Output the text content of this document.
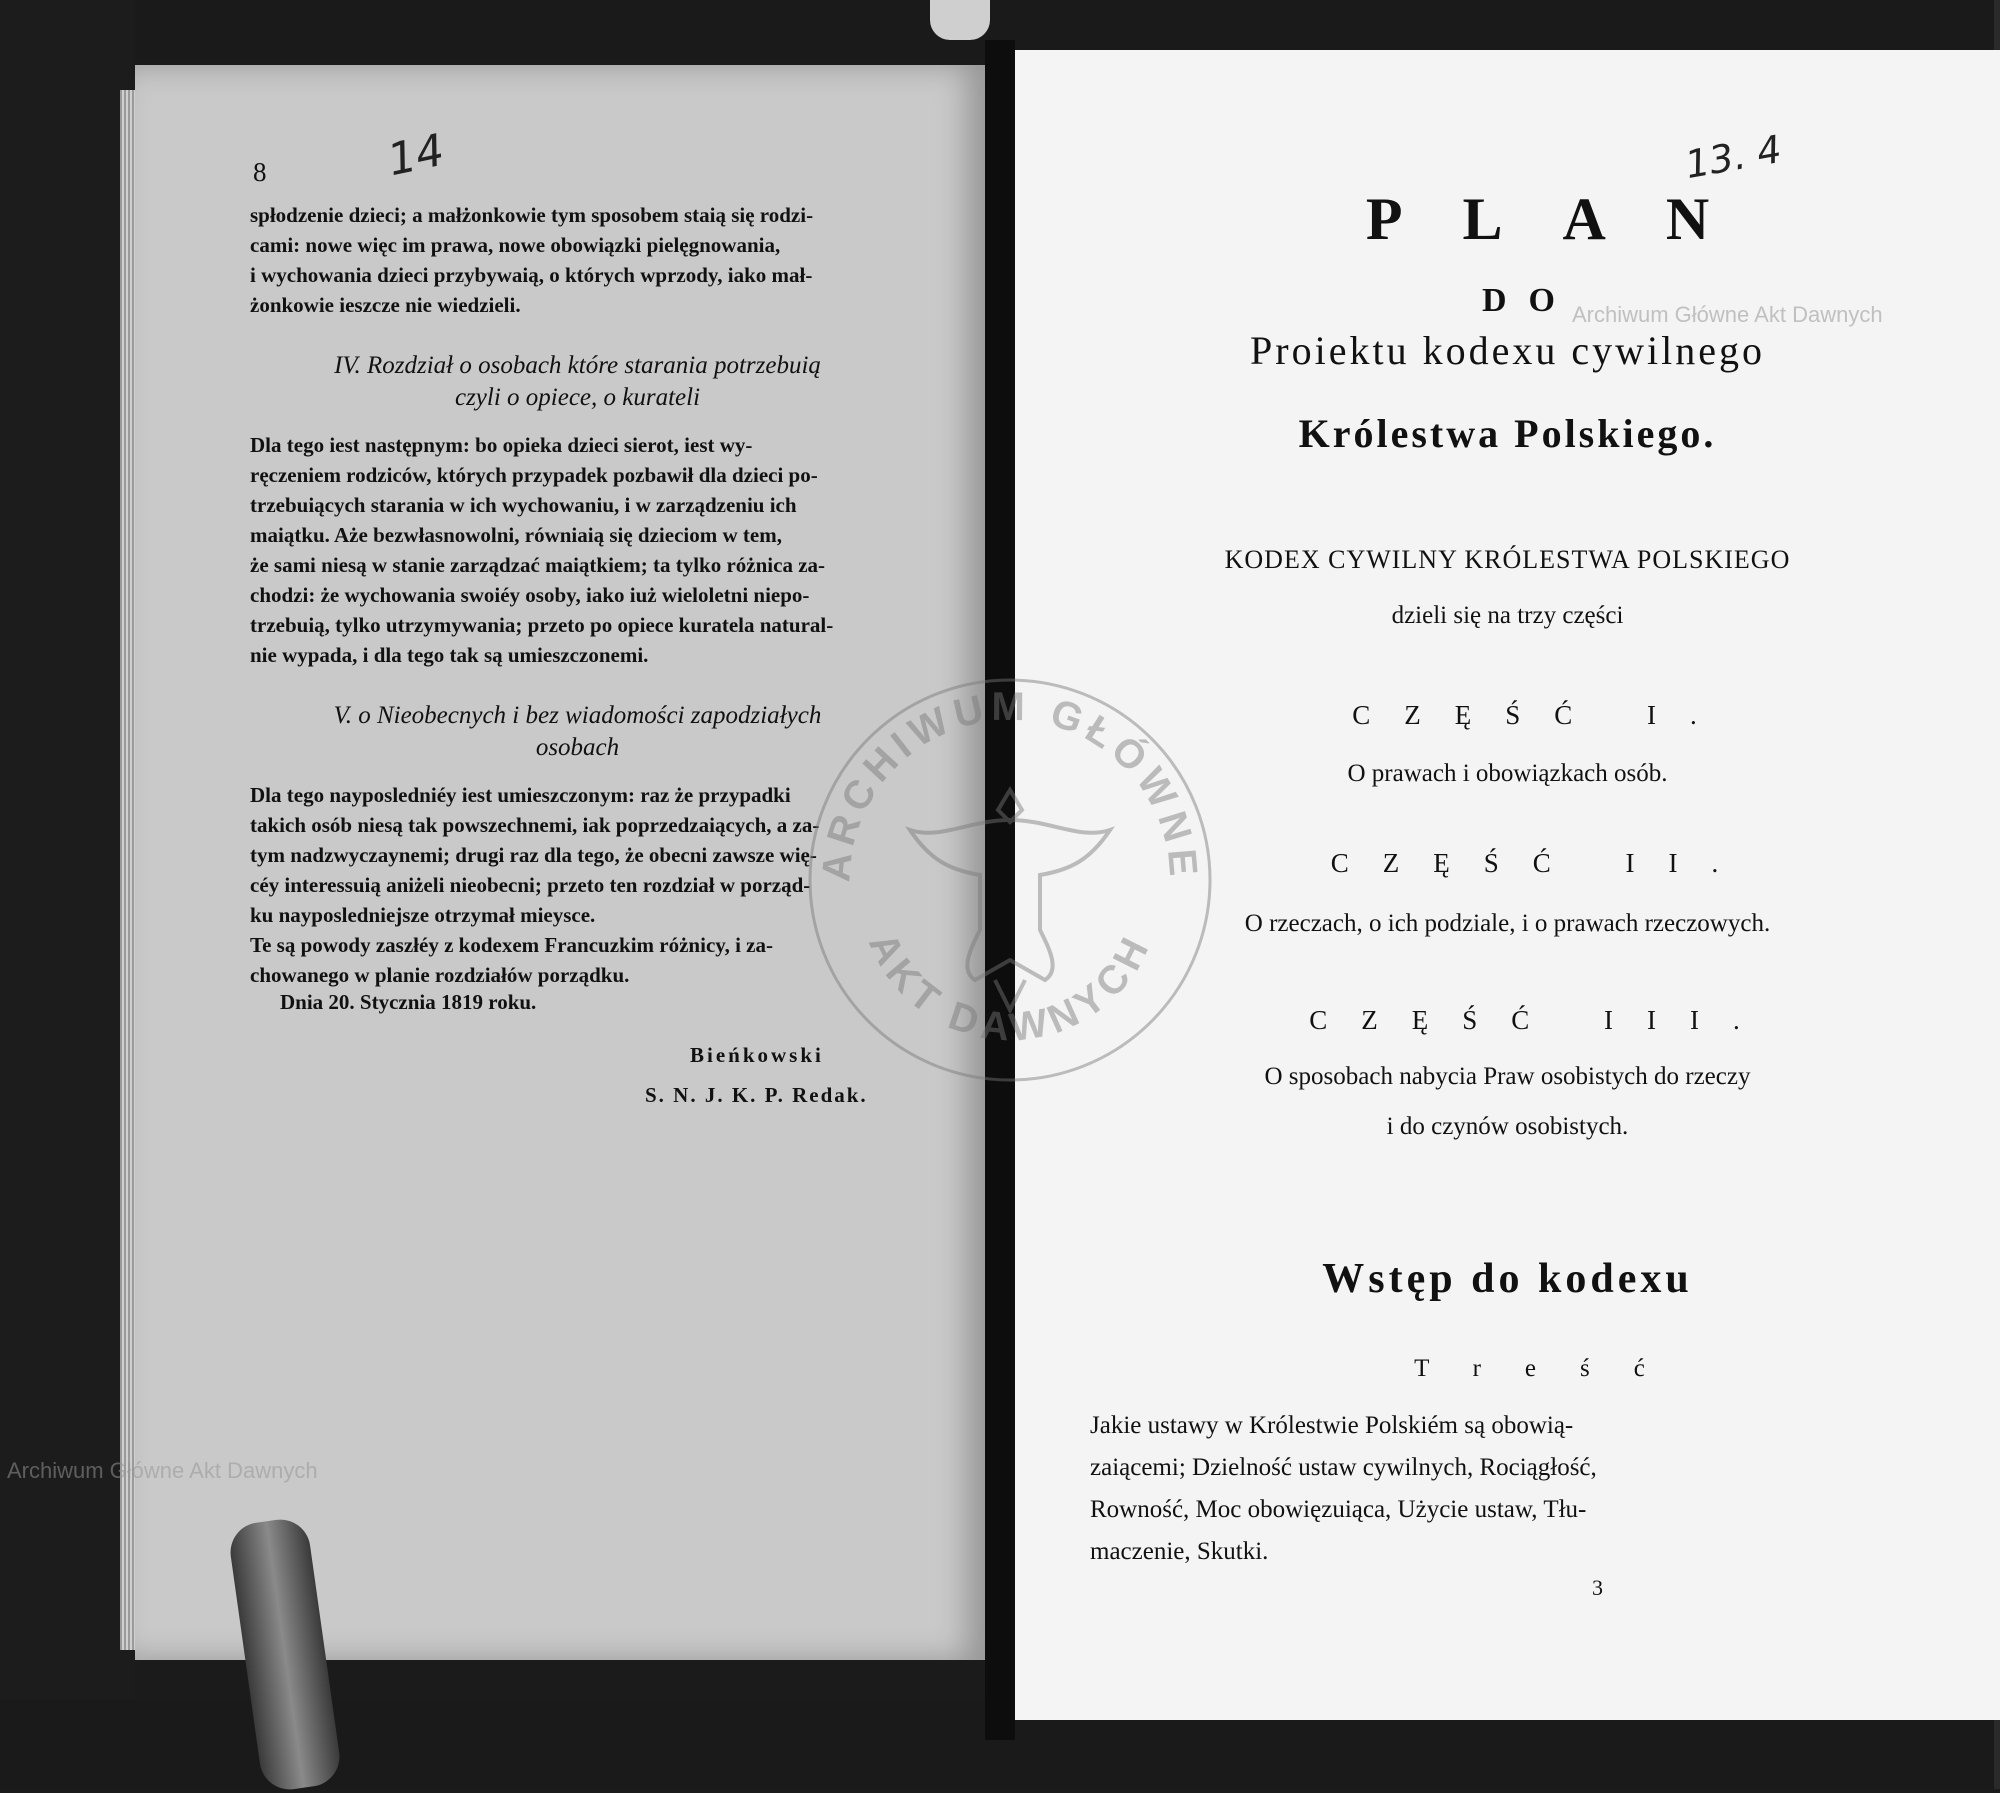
8	14
spłodzenie dzieci; a małżonkowie tym sposobem staią się rodzi-
cami: nowe więc im prawa, nowe obowiązki pielęgnowania,
i wychowania dzieci przybywaią, o których wprzody, iako mał-
żonkowie ieszcze nie wiedzieli.
IV. Rozdział o osobach które starania potrzebuią
czyli o opiece, o kurateli
Dla tego iest następnym: bo opieka dzieci sierot, iest wy-
ręczeniem rodziców, których przypadek pozbawił dla dzieci po-
trzebuiących starania w ich wychowaniu, i w zarządzeniu ich
maiątku. Aże bezwłasnowolni, równiaią się dzieciom w tem,
że sami niesą w stanie zarządzać maiątkiem; ta tylko różnica za-
chodzi: że wychowania swoiéy osoby, iako iuż wieloletni niepo-
trzebuią, tylko utrzymywania; przeto po opiece kuratela natural-
nie wypada, i dla tego tak są umieszczonemi.
V. o Nieobecnych i bez wiadomości zapodziałych
osobach
Dla tego nayposledniéy iest umieszczonym: raz że przypadki
takich osób niesą tak powszechnemi, iak poprzedzaiących, a za-
tym nadzwyczaynemi; drugi raz dla tego, że obecni zawsze wię-
céy interessuią aniżeli nieobecni; przeto ten rozdział w porząd-
ku nayposledniejsze otrzymał mieysce.
Te są powody zaszłéy z kodexem Francuzkim różnicy, i za-
chowanego w planie rozdziałów porządku.
Dnia 20. Stycznia 1819 roku.
Bieńkowski
S. N. J. K. P. Redak.
13. 4
PLAN
DO
Proiektu kodexu cywilnego
Królestwa Polskiego.
KODEX CYWILNY KRÓLESTWA POLSKIEGO
dzieli się na trzy części
CZĘŚĆ I.
O prawach i obowiązkach osób.
CZĘŚĆ II.
O rzeczach, o ich podziale, i o prawach rzeczowych.
CZĘŚĆ III.
O sposobach nabycia Praw osobistych do rzeczy
i do czynów osobistych.
Wstęp do kodexu
Treść
Jakie ustawy w Królestwie Polskiém są obowią-
zaiącemi; Dzielność ustaw cywilnych, Rociągłość,
Rowność, Moc obowięzuiąca, Użycie ustaw, Tłu-
maczenie, Skutki.
3
Archiwum Główne Akt Dawnych
Archiwum Główne Akt Dawnych
ARCHIWUM GŁÓWNE
AKT DAWNYCH
